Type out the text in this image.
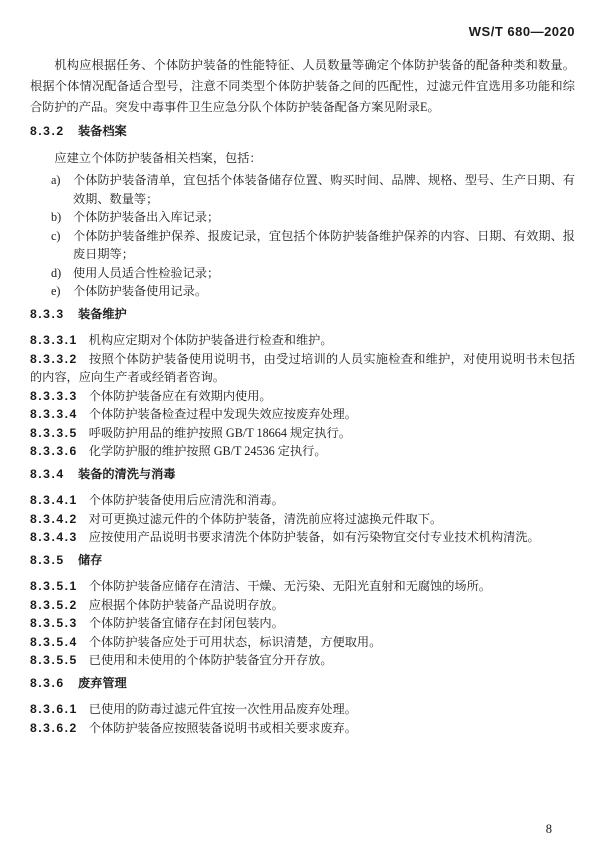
WS/T 680—2020

机构应根据任务、个体防护装备的性能特征、人员数量等确定个体防护装备的配备种类和数量。根据个体情况配备适合型号，注意不同类型个体防护装备之间的匹配性，过滤元件宜选用多功能和综合防护的产品。突发中毒事件卫生应急分队个体防护装备配备方案见附录E。

8.3.2 装备档案

应建立个体防护装备相关档案，包括：

a)	个体防护装备清单，宜包括个体装备储存位置、购买时间、品牌、规格、型号、生产日期、有效期、数量等；
b) 个体防护装备出入库记录；
c)	个体防护装备维护保养、报废记录，宜包括个体防护装备维护保养的内容、日期、有效期、报废日期等；
d) 使用人员适合性检验记录；
e)	个体防护装备使用记录。
8.3.3 装备维护

8.3.3.1 机构应定期对个体防护装备进行检查和维护。

8.3.3.2 按照个体防护装备使用说明书，由受过培训的人员实施检查和维护，对使用说明书未包括的内容，应向生产者或经销者咨询。

8.3.3.3 个体防护装备应在有效期内使用。

8.3.3.4 个体防护装备检查过程中发现失效应按废弃处理。

8.3.3.5 呼吸防护用品的维护按照 GB/T 18664 规定执行。

8.3.3.6 化学防护服的维护按照 GB/T 24536 定执行。

8.3.4 装备的清洗与消毒

8.3.4.1 个体防护装备使用后应清洗和消毒。

8.3.4.2 对可更换过滤元件的个体防护装备，清洗前应将过滤换元件取下。

8.3.4.3 应按使用产品说明书要求清洗个体防护装备，如有污染物宜交付专业技术机构清洗。

8.3.5 储存

8.3.5.1 个体防护装备应储存在清洁、干燥、无污染、无阳光直射和无腐蚀的场所。

8.3.5.2 应根据个体防护装备产品说明存放。

8.3.5.3 个体防护装备宜储存在封闭包装内。

8.3.5.4 个体防护装备应处于可用状态，标识清楚，方便取用。

8.3.5.5 已使用和未使用的个体防护装备宜分开存放。

8.3.6 废弃管理

8.3.6.1 已使用的防毒过滤元件宜按一次性用品废弃处理。

8.3.6.2 个体防护装备应按照装备说明书或相关要求废弃。

8
